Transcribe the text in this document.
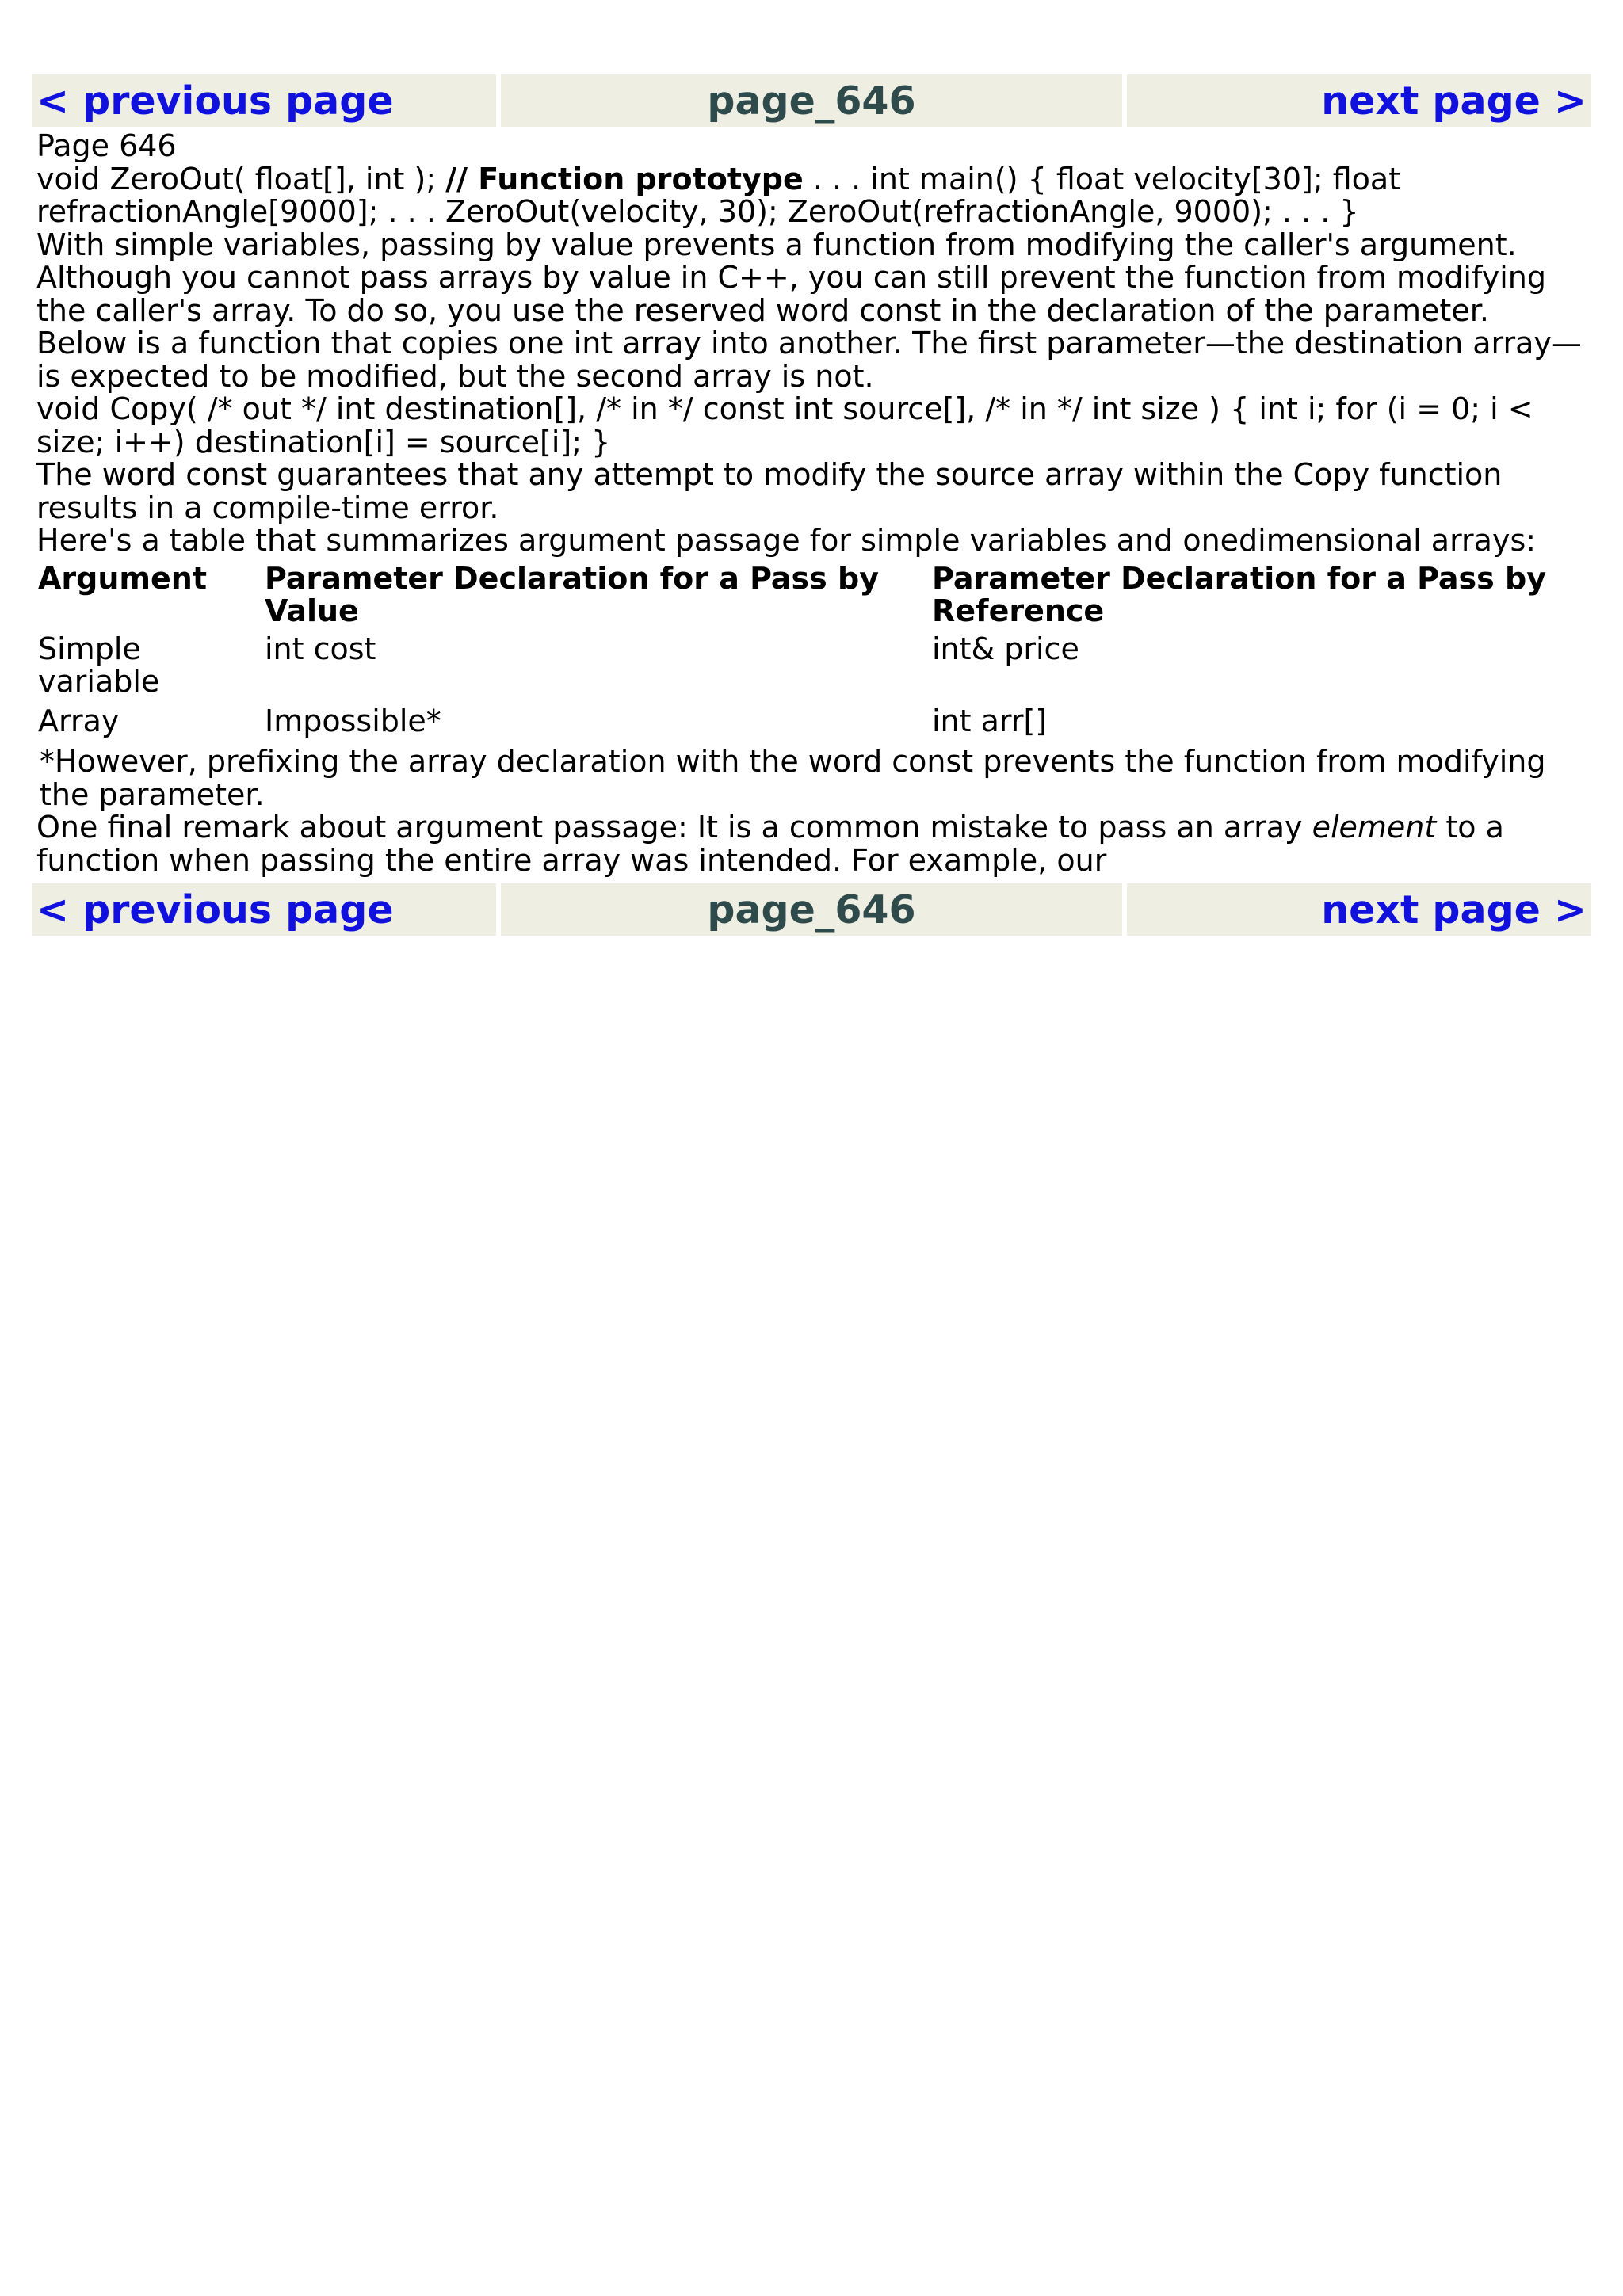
< previous page	page_646	next page >

Page 646

void ZeroOut( float[], int ); // Function prototype . . . int main() { float velocity[30]; float refractionAngle[9000]; . . . ZeroOut(velocity, 30); ZeroOut(refractionAngle, 9000); . . . }

With simple variables, passing by value prevents a function from modifying the caller's argument. Although you cannot pass arrays by value in C++, you can still prevent the function from modifying the caller's array. To do so, you use the reserved word const in the declaration of the parameter. Below is a function that copies one int array into another. The first parameter—the destination array—is expected to be modified, but the second array is not.

void Copy( /* out */ int destination[], /* in */ const int source[], /* in */ int size ) { int i; for (i = 0; i < size; i++) destination[i] = source[i]; }

The word const guarantees that any attempt to modify the source array within the Copy function results in a compile-time error.

Here's a table that summarizes argument passage for simple variables and onedimensional arrays:

Argument	Parameter Declaration for a Pass by Value	Parameter Declaration for a Pass by Reference
Simple variable	int cost	int& price
Array	Impossible*	int arr[]

*However, prefixing the array declaration with the word const prevents the function from modifying the parameter.

One final remark about argument passage: It is a common mistake to pass an array element to a function when passing the entire array was intended. For example, our

< previous page	page_646	next page >
